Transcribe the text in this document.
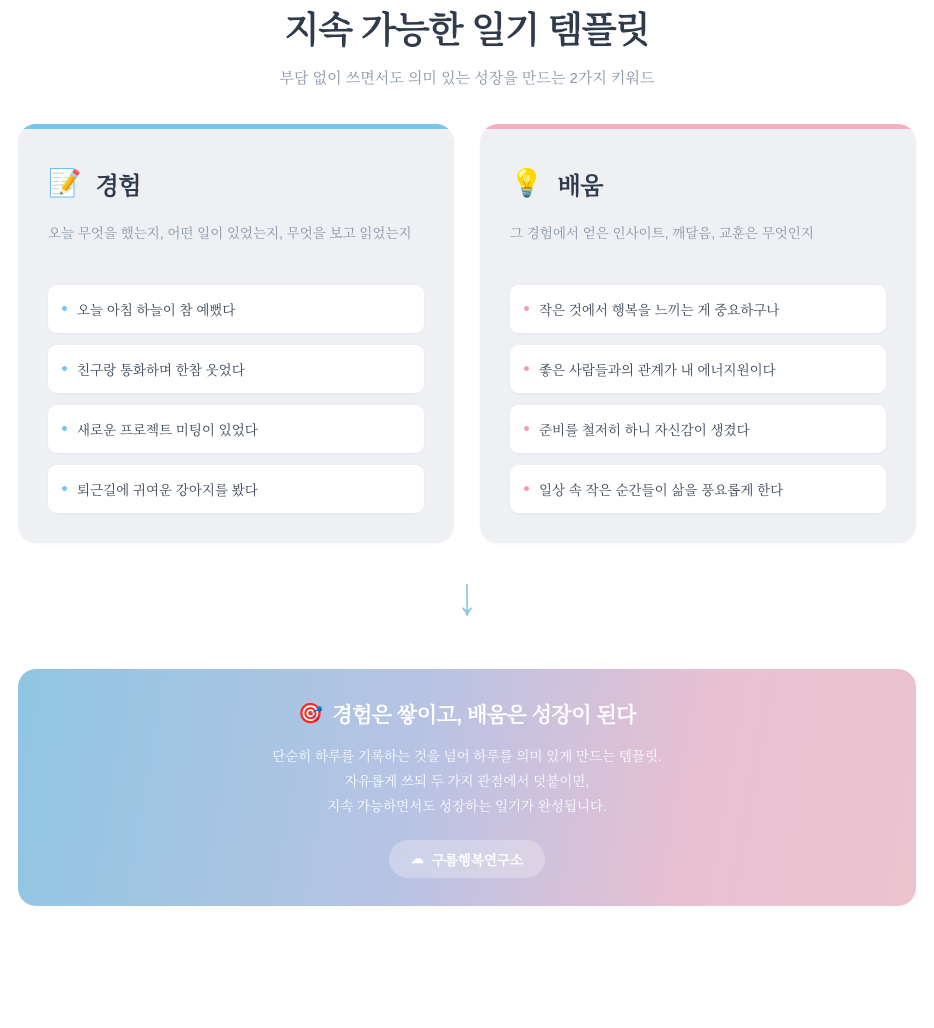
지속 가능한 일기 템플릿

부담 없이 쓰면서도 의미 있는 성장을 만드는 2가지 키워드

📝 경험
오늘 무엇을 했는지, 어떤 일이 있었는지, 무엇을 보고 읽었는지
오늘 아침 하늘이 참 예뻤다
친구랑 통화하며 한참 웃었다
새로운 프로젝트 미팅이 있었다
퇴근길에 귀여운 강아지를 봤다
💡 배움
그 경험에서 얻은 인사이트, 깨달음, 교훈은 무엇인지
작은 것에서 행복을 느끼는 게 중요하구나
좋은 사람들과의 관계가 내 에너지원이다
준비를 철저히 하니 자신감이 생겼다
일상 속 작은 순간들이 삶을 풍요롭게 한다
↓
🎯 경험은 쌓이고, 배움은 성장이 된다
단순히 하루를 기록하는 것을 넘어 하루를 의미 있게 만드는 템플릿.
자유롭게 쓰되 두 가지 관점에서 덧붙이면,
지속 가능하면서도 성장하는 일기가 완성됩니다.
☁ 구름행복연구소
